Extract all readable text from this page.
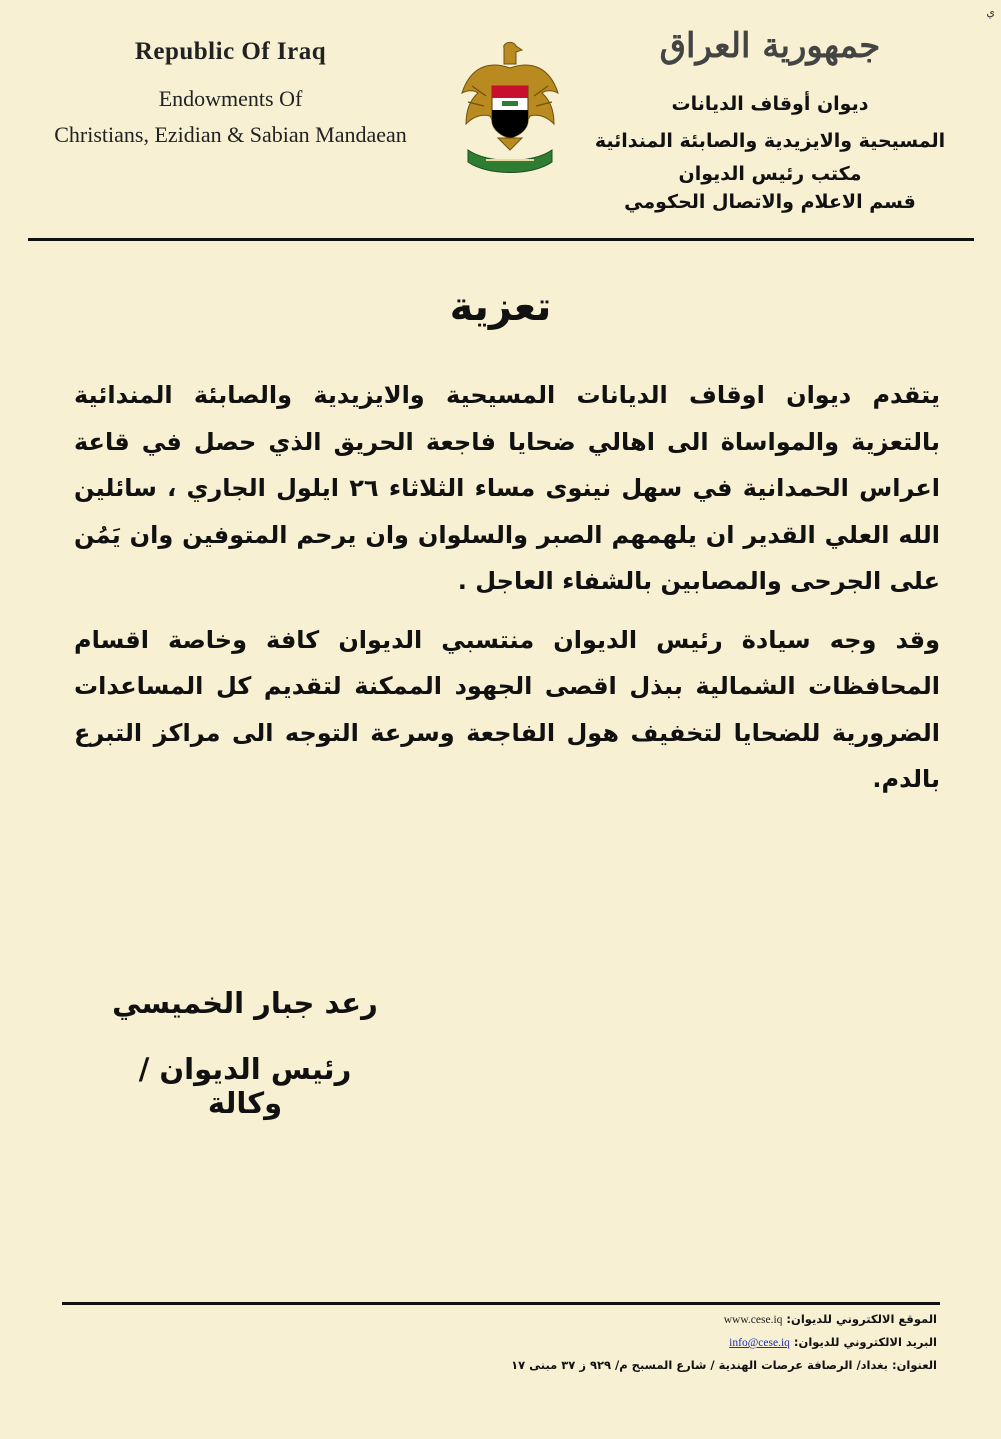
ي
Republic Of Iraq
Endowments Of
Christians, Ezidian & Sabian Mandaean
جمهورية العراق
ديوان أوقاف الديانات
المسيحية والايزيدية والصابئة المندائية
مكتب رئيس الديوان
قسم الاعلام والاتصال الحكومي
تعزية

يتقدم ديوان اوقاف الديانات المسيحية والايزيدية والصابئة المندائية بالتعزية والمواساة الى اهالي ضحايا فاجعة الحريق الذي حصل في قاعة اعراس الحمدانية في سهل نينوى مساء الثلاثاء ٢٦ ايلول الجاري ، سائلين الله العلي القدير ان يلهمهم الصبر والسلوان وان يرحم المتوفين وان يَمُن على الجرحى والمصابين بالشفاء العاجل .

وقد وجه سيادة رئيس الديوان منتسبي الديوان كافة وخاصة اقسام المحافظات الشمالية ببذل اقصى الجهود الممكنة لتقديم كل المساعدات الضرورية للضحايا لتخفيف هول الفاجعة وسرعة التوجه الى مراكز التبرع بالدم.

رعد جبار الخميسي
رئيس الديوان / وكالة
الموقع الالكتروني للديوان: www.cese.iq
البريد الالكتروني للديوان: info@cese.iq
العنوان: بغداد/ الرصافة عرصات الهندية / شارع المسبح م/ ٩٢٩ ز ٣٧ مبنى ١٧
